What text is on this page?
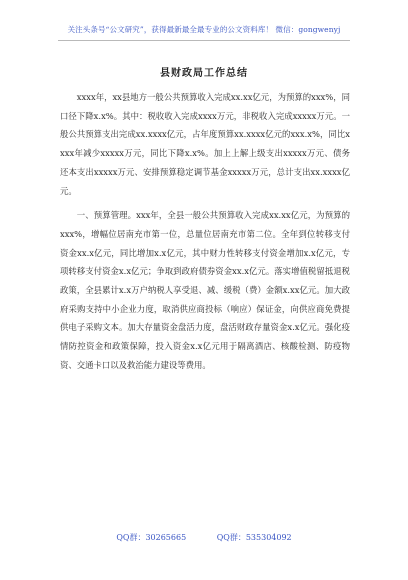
关注头条号“公文研究”，获得最新最全最专业的公文资料库！ 微信：gongwenyj
县财政局工作总结

xxxx年，xx县地方一般公共预算收入完成xx.xx亿元，为预算的xxx%，同口径下降x.x%。其中：税收收入完成xxxx万元，非税收入完成xxxxx万元。一般公共预算支出完成xx.xxxx亿元，占年度预算xx.xxxx亿元的xxx.x%，同比xxxx年减少xxxxx万元，同比下降x.x%。加上上解上级支出xxxxx万元、债务还本支出xxxxx万元、安排预算稳定调节基金xxxxx万元，总计支出xx.xxxx亿元。

一、预算管理。xxx年，全县一般公共预算收入完成xx.xx亿元，为预算的xxx%，增幅位居南充市第一位，总量位居南充市第二位。全年到位转移支付资金xx.x亿元，同比增加x.x亿元，其中财力性转移支付资金增加x.x亿元，专项转移支付资金x.x亿元；争取到政府债券资金xx.x亿元。落实增值税留抵退税政策，全县累计x.x万户纳税人享受退、减、缓税（费）金额x.xx亿元。加大政府采购支持中小企业力度，取消供应商投标（响应）保证金，向供应商免费提供电子采购文本。加大存量资金盘活力度，盘活财政存量资金x.x亿元。强化疫情防控资金和政策保障，投入资金x.x亿元用于隔离酒店、核酸检测、防疫物资、交通卡口以及救治能力建设等费用。

QQ群：30265665	QQ群：535304092
